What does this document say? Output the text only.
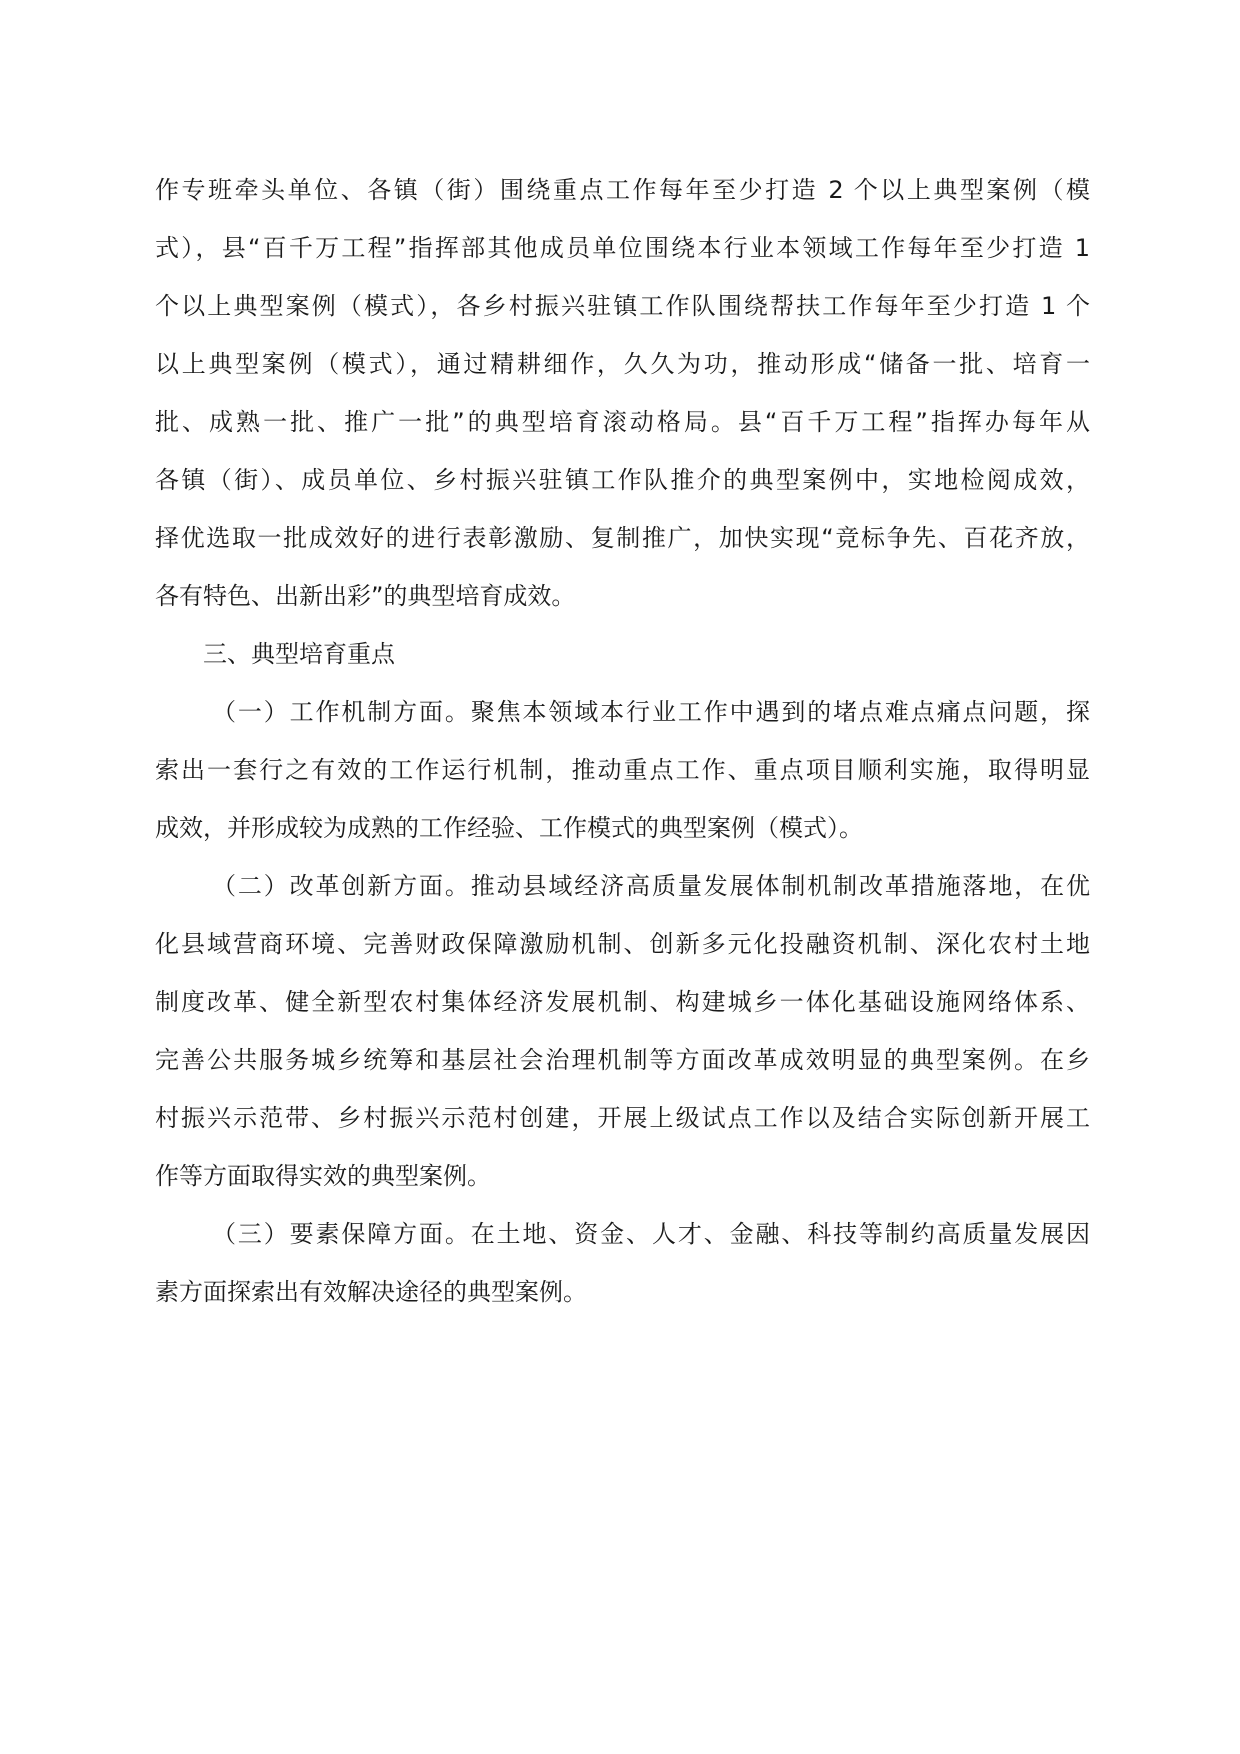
作专班牵头单位、各镇（街）围绕重点工作每年至少打造 2 个以上典型案例（模
式），县“百千万工程”指挥部其他成员单位围绕本行业本领域工作每年至少打造 1
个以上典型案例（模式），各乡村振兴驻镇工作队围绕帮扶工作每年至少打造 1 个
以上典型案例（模式），通过精耕细作，久久为功，推动形成“储备一批、培育一
批、成熟一批、推广一批”的典型培育滚动格局。县“百千万工程”指挥办每年从
各镇（街）、成员单位、乡村振兴驻镇工作队推介的典型案例中，实地检阅成效，
择优选取一批成效好的进行表彰激励、复制推广，加快实现“竞标争先、百花齐放，
各有特色、出新出彩”的典型培育成效。
三、典型培育重点
（一）工作机制方面。聚焦本领域本行业工作中遇到的堵点难点痛点问题，探
索出一套行之有效的工作运行机制，推动重点工作、重点项目顺利实施，取得明显
成效，并形成较为成熟的工作经验、工作模式的典型案例（模式）。
（二）改革创新方面。推动县域经济高质量发展体制机制改革措施落地，在优
化县域营商环境、完善财政保障激励机制、创新多元化投融资机制、深化农村土地
制度改革、健全新型农村集体经济发展机制、构建城乡一体化基础设施网络体系、
完善公共服务城乡统筹和基层社会治理机制等方面改革成效明显的典型案例。在乡
村振兴示范带、乡村振兴示范村创建，开展上级试点工作以及结合实际创新开展工
作等方面取得实效的典型案例。
（三）要素保障方面。在土地、资金、人才、金融、科技等制约高质量发展因
素方面探索出有效解决途径的典型案例。
